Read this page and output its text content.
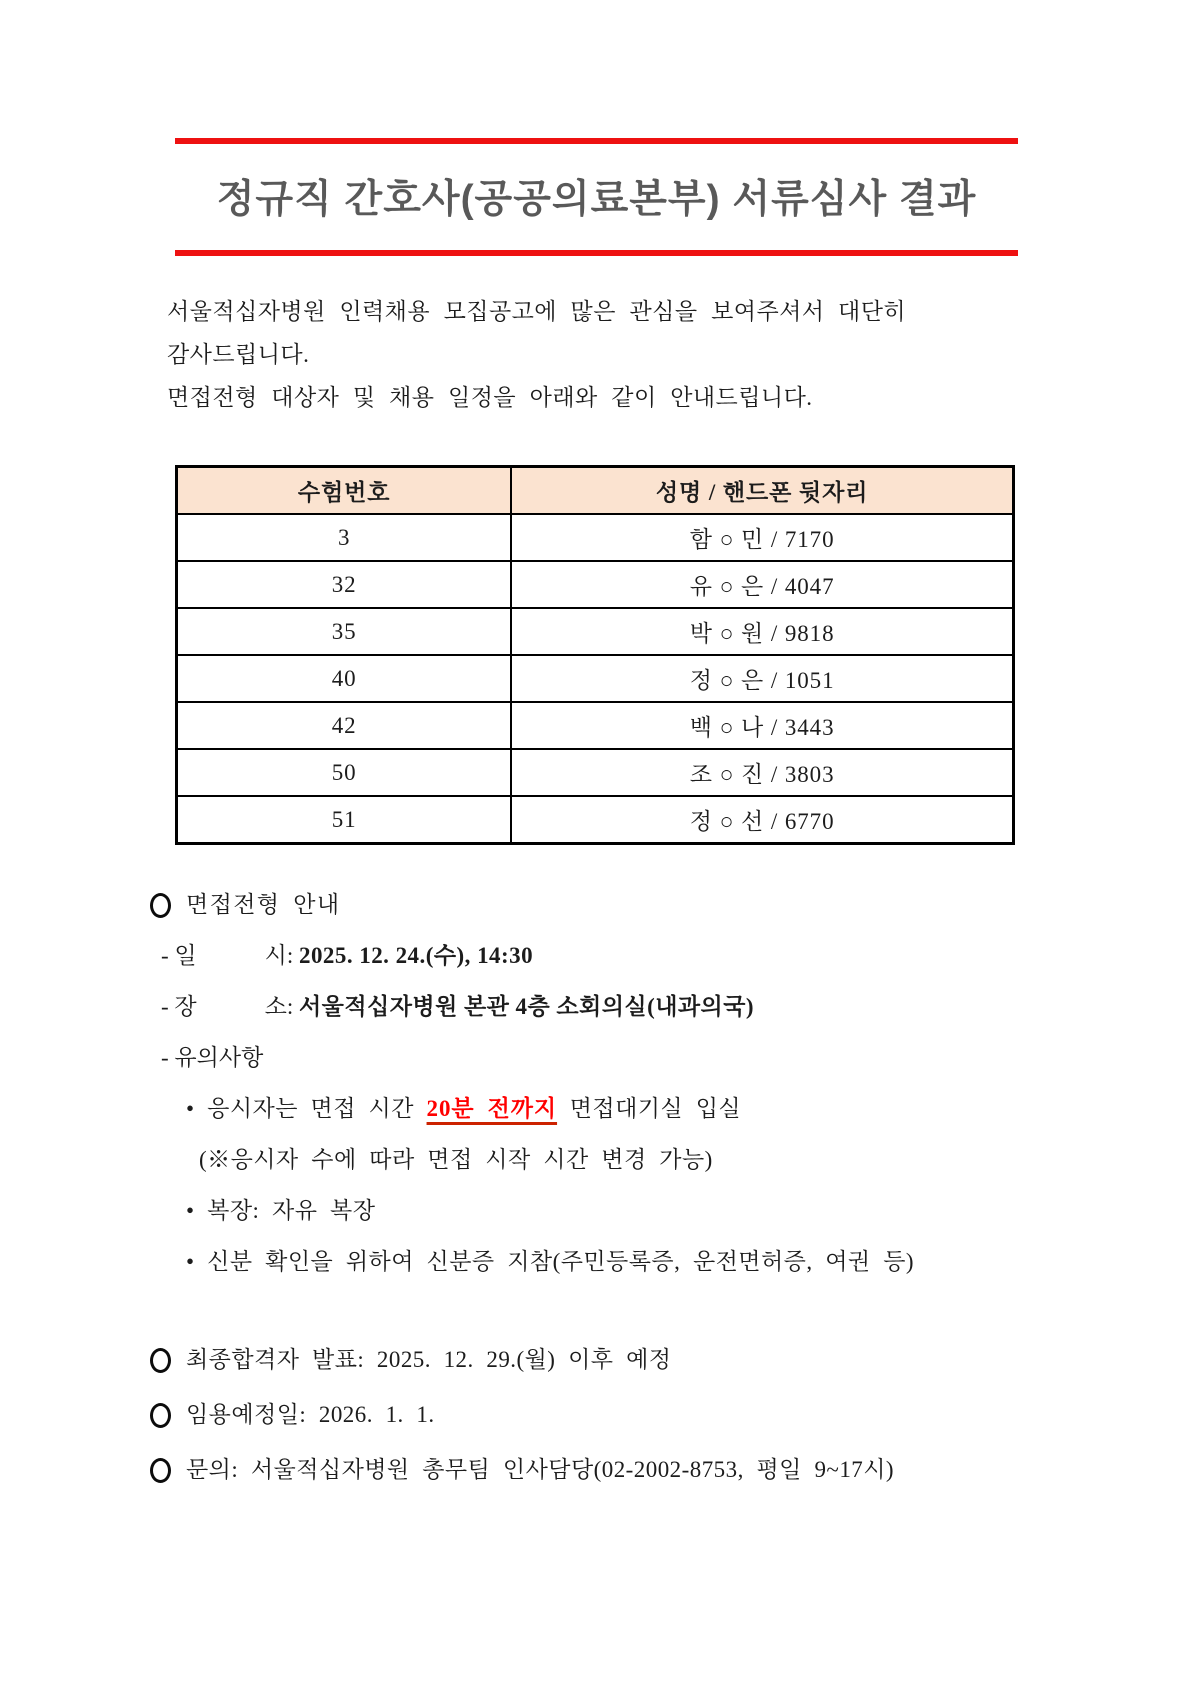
정규직 간호사(공공의료본부) 서류심사 결과
서울적십자병원 인력채용 모집공고에 많은 관심을 보여주셔서 대단히
감사드립니다.
면접전형 대상자 및 채용 일정을 아래와 같이 안내드립니다.
수험번호	성명 / 핸드폰 뒷자리
3	함 ○ 민 / 7170
32	유 ○ 은 / 4047
35	박 ○ 원 / 9818
40	정 ○ 은 / 1051
42	백 ○ 나 / 3443
50	조 ○ 진 / 3803
51	정 ○ 선 / 6770
면접전형 안내
- 일	시: 2025. 12. 24.(수), 14:30
- 장	소: 서울적십자병원 본관 4층 소회의실(내과의국)
- 유의사항
• 응시자는 면접 시간 20분 전까지 면접대기실 입실
(※응시자 수에 따라 면접 시작 시간 변경 가능)
• 복장: 자유 복장
• 신분 확인을 위하여 신분증 지참(주민등록증, 운전면허증, 여권 등)
최종합격자 발표: 2025. 12. 29.(월) 이후 예정
임용예정일: 2026. 1. 1.
문의: 서울적십자병원 총무팀 인사담당(02-2002-8753, 평일 9~17시)
